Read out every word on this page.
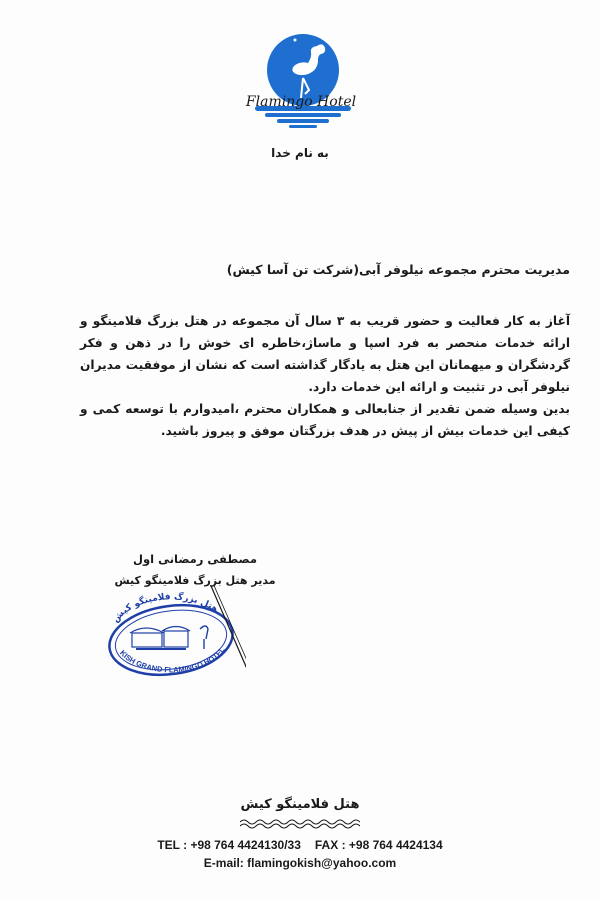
Flamingo Hotel
به نام خدا
مدیریت محترم مجموعه نیلوفر آبی(شرکت تن آسا کیش)

آغاز به کار فعالیت و حضور قریب به ۳ سال آن مجموعه در هتل بزرگ فلامینگو و ارائه خدمات منحصر به فرد اسپا و ماساژ،خاطره ای خوش را در ذهن و فکر گردشگران و میهمانان این هتل به یادگار گذاشته است که نشان از موفقیت مدیران نیلوفر آبی در تثبیت و ارائه این خدمات دارد.

بدین وسیله ضمن تقدیر از جنابعالی و همکاران محترم ،امیدوارم با توسعه کمی و کیفی این خدمات بیش از پیش در هدف بزرگتان موفق و پیروز باشید.

مصطفی رمضانی اول
مدیر هتل بزرگ فلامینگو کیش
هتل بزرگ فلامینگو کیش
KISH GRAND FLAMINGO HOTEL
هتل فلامینگو کیش
TEL : +98 764 4424130/33 FAX : +98 764 4424134
E-mail: flamingokish@yahoo.com
